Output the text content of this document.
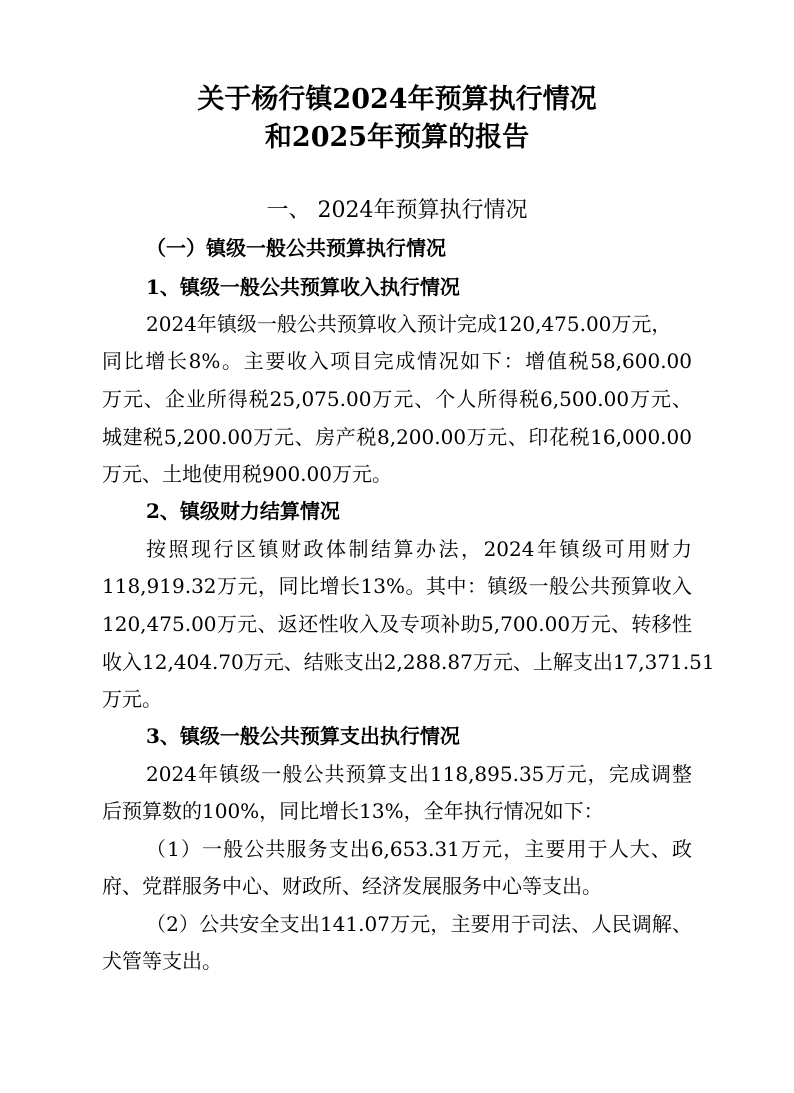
关于杨行镇2024年预算执行情况
和2025年预算的报告
一、 2024年预算执行情况
（一）镇级一般公共预算执行情况
1、镇级一般公共预算收入执行情况
2024年镇级一般公共预算收入预计完成120,475.00万元，
同比增长8%。主要收入项目完成情况如下：增值税58,600.00
万元、企业所得税25,075.00万元、个人所得税6,500.00万元、
城建税5,200.00万元、房产税8,200.00万元、印花税16,000.00
万元、土地使用税900.00万元。
2、镇级财力结算情况
按照现行区镇财政体制结算办法，2024年镇级可用财力
118,919.32万元，同比增长13%。其中：镇级一般公共预算收入
120,475.00万元、返还性收入及专项补助5,700.00万元、转移性
收入12,404.70万元、结账支出2,288.87万元、上解支出17,371.51
万元。
3、镇级一般公共预算支出执行情况
2024年镇级一般公共预算支出118,895.35万元，完成调整
后预算数的100%，同比增长13%，全年执行情况如下：
（1）一般公共服务支出6,653.31万元，主要用于人大、政
府、党群服务中心、财政所、经济发展服务中心等支出。
（2）公共安全支出141.07万元，主要用于司法、人民调解、
犬管等支出。
